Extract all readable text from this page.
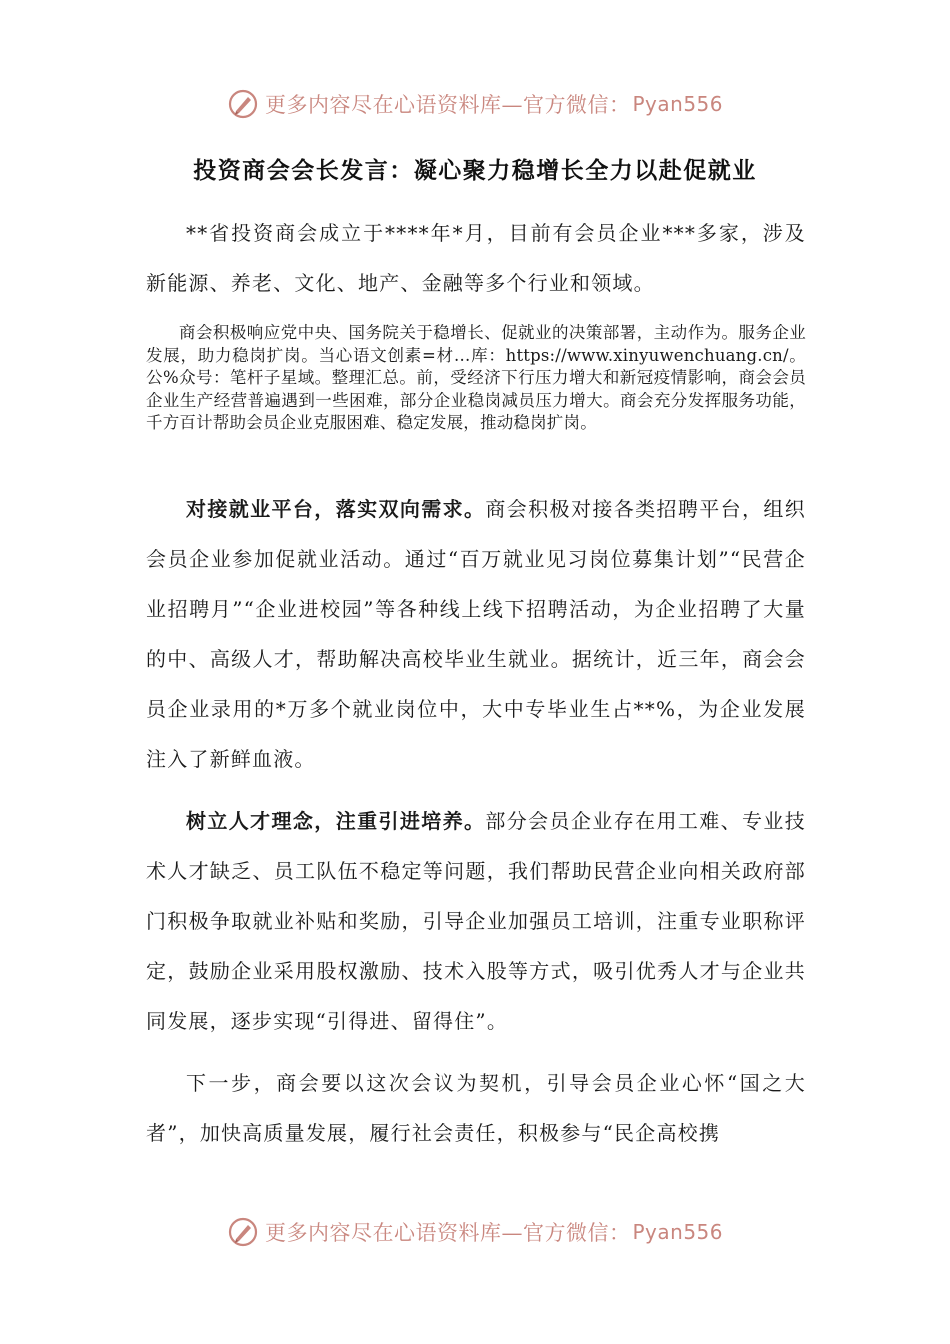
更多内容尽在心语资料库—官方微信： Pyan556
投资商会会长发言：凝心聚力稳增长全力以赴促就业

**省投资商会成立于****年*月，目前有会员企业***多家，涉及新能源、养老、文化、地产、金融等多个行业和领域。

商会积极响应党中央、国务院关于稳增长、促就业的决策部署，主动作为。服务企业发展，助力稳岗扩岗。当心语文创素=材…库：https://www.xinyuwenchuang.cn/。公%众号：笔杆子星域。整理汇总。前，受经济下行压力增大和新冠疫情影响，商会会员企业生产经营普遍遇到一些困难，部分企业稳岗减员压力增大。商会充分发挥服务功能，千方百计帮助会员企业克服困难、稳定发展，推动稳岗扩岗。

对接就业平台，落实双向需求。商会积极对接各类招聘平台，组织会员企业参加促就业活动。通过“百万就业见习岗位募集计划”“民营企业招聘月”“企业进校园”等各种线上线下招聘活动，为企业招聘了大量的中、高级人才，帮助解决高校毕业生就业。据统计，近三年，商会会员企业录用的*万多个就业岗位中，大中专毕业生占**%，为企业发展注入了新鲜血液。

树立人才理念，注重引进培养。部分会员企业存在用工难、专业技术人才缺乏、员工队伍不稳定等问题，我们帮助民营企业向相关政府部门积极争取就业补贴和奖励，引导企业加强员工培训，注重专业职称评定，鼓励企业采用股权激励、技术入股等方式，吸引优秀人才与企业共同发展，逐步实现“引得进、留得住”。

下一步，商会要以这次会议为契机，引导会员企业心怀“国之大者”，加快高质量发展，履行社会责任，积极参与“民企高校携

更多内容尽在心语资料库—官方微信： Pyan556
